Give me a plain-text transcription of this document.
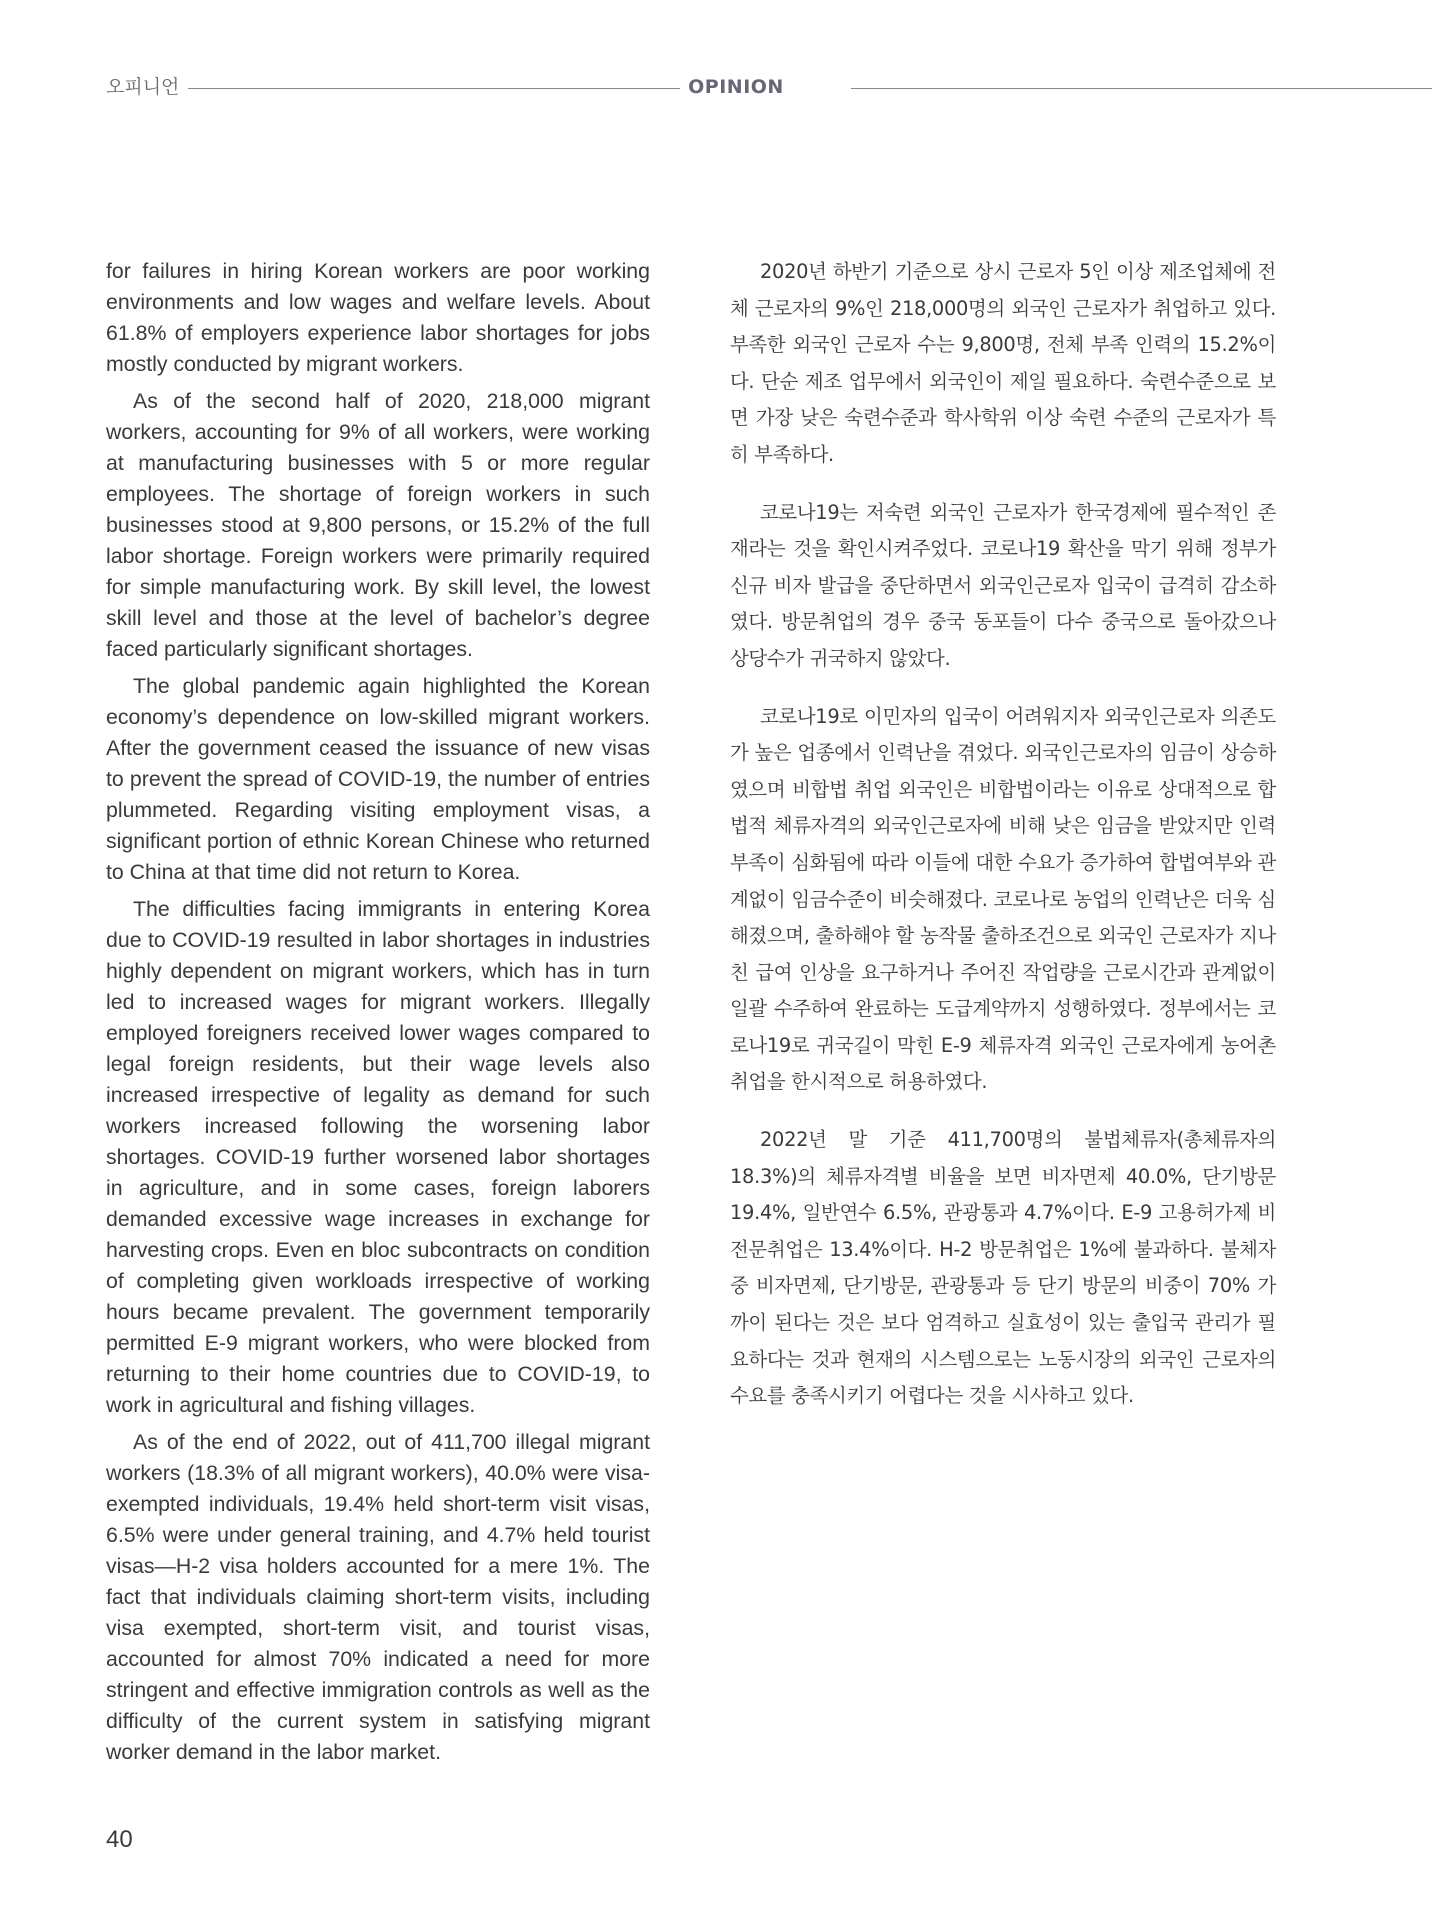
오피니언	OPINION

for failures in hiring Korean workers are poor working environments and low wages and welfare levels. About 61.8% of employers experience labor shortages for jobs mostly conducted by migrant workers.

As of the second half of 2020, 218,000 migrant workers, accounting for 9% of all workers, were working at manufacturing businesses with 5 or more regular employees. The shortage of foreign workers in such businesses stood at 9,800 persons, or 15.2% of the full labor shortage. Foreign workers were primarily required for simple manufacturing work. By skill level, the lowest skill level and those at the level of bachelor’s degree faced particularly significant shortages.

The global pandemic again highlighted the Korean economy’s dependence on low-skilled migrant workers. After the government ceased the issuance of new visas to prevent the spread of COVID-19, the number of entries plummeted. Regarding visiting employment visas, a significant portion of ethnic Korean Chinese who returned to China at that time did not return to Korea.

The difficulties facing immigrants in entering Korea due to COVID-19 resulted in labor shortages in industries highly dependent on migrant workers, which has in turn led to increased wages for migrant workers. Illegally employed foreigners received lower wages compared to legal foreign residents, but their wage levels also increased irrespective of legality as demand for such workers increased following the worsening labor shortages. COVID-19 further worsened labor shortages in agriculture, and in some cases, foreign laborers demanded excessive wage increases in exchange for harvesting crops. Even en bloc subcontracts on condition of completing given workloads irrespective of working hours became prevalent. The government temporarily permitted E-9 migrant workers, who were blocked from returning to their home countries due to COVID-19, to work in agricultural and fishing villages.

As of the end of 2022, out of 411,700 illegal migrant workers (18.3% of all migrant workers), 40.0% were visa-exempted individuals, 19.4% held short-term visit visas, 6.5% were under general training, and 4.7% held tourist visas—H-2 visa holders accounted for a mere 1%. The fact that individuals claiming short-term visits, including visa exempted, short-term visit, and tourist visas, accounted for almost 70% indicated a need for more stringent and effective immigration controls as well as the difficulty of the current system in satisfying migrant worker demand in the labor market.

2020년 하반기 기준으로 상시 근로자 5인 이상 제조업체에 전체 근로자의 9%인 218,000명의 외국인 근로자가 취업하고 있다. 부족한 외국인 근로자 수는 9,800명, 전체 부족 인력의 15.2%이다. 단순 제조 업무에서 외국인이 제일 필요하다. 숙련수준으로 보면 가장 낮은 숙련수준과 학사학위 이상 숙련 수준의 근로자가 특히 부족하다.

코로나19는 저숙련 외국인 근로자가 한국경제에 필수적인 존재라는 것을 확인시켜주었다. 코로나19 확산을 막기 위해 정부가 신규 비자 발급을 중단하면서 외국인근로자 입국이 급격히 감소하였다. 방문취업의 경우 중국 동포들이 다수 중국으로 돌아갔으나 상당수가 귀국하지 않았다.

코로나19로 이민자의 입국이 어려워지자 외국인근로자 의존도가 높은 업종에서 인력난을 겪었다. 외국인근로자의 임금이 상승하였으며 비합법 취업 외국인은 비합법이라는 이유로 상대적으로 합법적 체류자격의 외국인근로자에 비해 낮은 임금을 받았지만 인력부족이 심화됨에 따라 이들에 대한 수요가 증가하여 합법여부와 관계없이 임금수준이 비슷해졌다. 코로나로 농업의 인력난은 더욱 심해졌으며, 출하해야 할 농작물 출하조건으로 외국인 근로자가 지나친 급여 인상을 요구하거나 주어진 작업량을 근로시간과 관계없이 일괄 수주하여 완료하는 도급계약까지 성행하였다. 정부에서는 코로나19로 귀국길이 막힌 E-9 체류자격 외국인 근로자에게 농어촌 취업을 한시적으로 허용하였다.

2022년 말 기준 411,700명의 불법체류자(총체류자의 18.3%)의 체류자격별 비율을 보면 비자면제 40.0%, 단기방문 19.4%, 일반연수 6.5%, 관광통과 4.7%이다. E-9 고용허가제 비전문취업은 13.4%이다. H-2 방문취업은 1%에 불과하다. 불체자중 비자면제, 단기방문, 관광통과 등 단기 방문의 비중이 70% 가까이 된다는 것은 보다 엄격하고 실효성이 있는 출입국 관리가 필요하다는 것과 현재의 시스템으로는 노동시장의 외국인 근로자의 수요를 충족시키기 어렵다는 것을 시사하고 있다.

40
